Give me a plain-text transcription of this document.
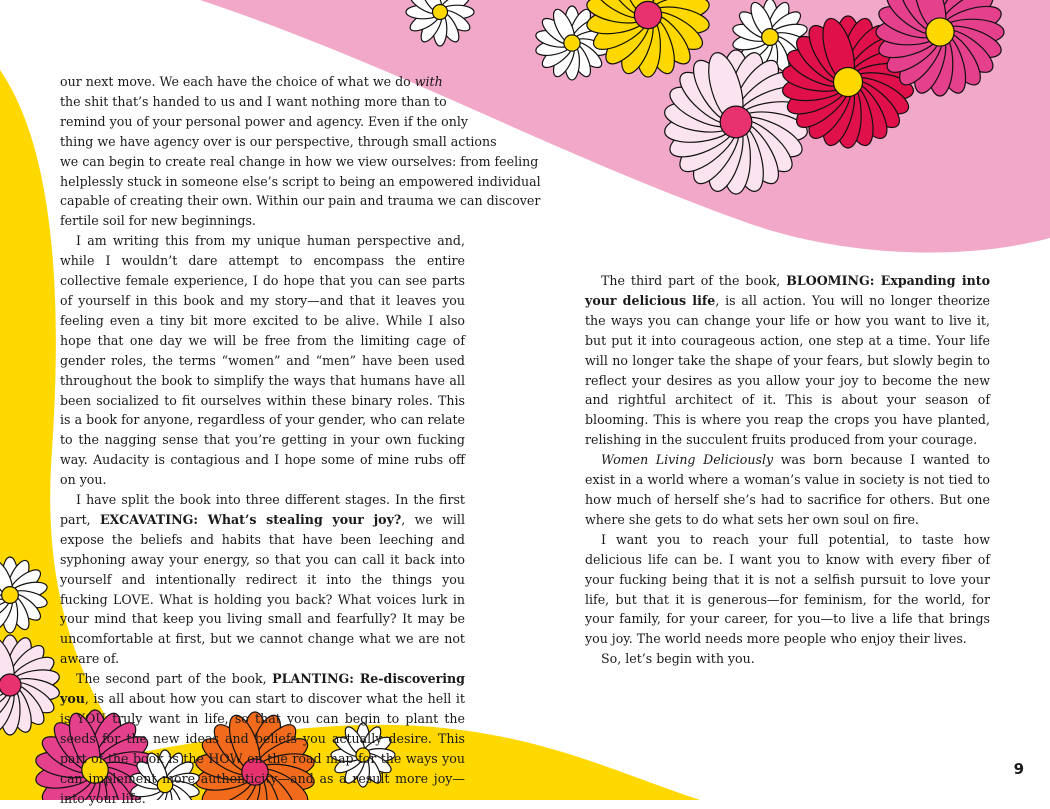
our next move. We each have the choice of what we do with
the shit that’s handed to us and I want nothing more than to
remind you of your personal power and agency. Even if the only
thing we have agency over is our perspective, through small actions
we can begin to create real change in how we view ourselves: from feeling
helplessly stuck in someone else’s script to being an empowered individual
capable of creating their own. Within our pain and trauma we can discover
fertile soil for new beginnings.

I am writing this from my unique human perspective and, while I wouldn’t dare attempt to encompass the entire collective female experience, I do hope that you can see parts of yourself in this book and my story—and that it leaves you feeling even a tiny bit more excited to be alive. While I also hope that one day we will be free from the limiting cage of gender roles, the terms “women” and “men” have been used throughout the book to simplify the ways that humans have all been socialized to fit ourselves within these binary roles. This is a book for anyone, regardless of your gender, who can relate to the nagging sense that you’re getting in your own fucking way. Audacity is contagious and I hope some of mine rubs off on you.

I have split the book into three different stages. In the first part, EXCAVATING: What’s stealing your joy?, we will expose the beliefs and habits that have been leeching and syphoning away your energy, so that you can call it back into yourself and intentionally redirect it into the things you fucking LOVE. What is holding you back? What voices lurk in your mind that keep you living small and fearfully? It may be uncomfortable at first, but we cannot change what we are not aware of.

The second part of the book, PLANTING: Re-discovering you, is all about how you can start to discover what the hell it is YOU truly want in life, so that you can begin to plant the seeds for the new ideas and beliefs you actually desire. This part of the book is the HOW on the road map for the ways you can implement more authenticity—and as a result more joy—into your life.

The third part of the book, BLOOMING: Expanding into your delicious life, is all action. You will no longer theorize the ways you can change your life or how you want to live it, but put it into courageous action, one step at a time. Your life will no longer take the shape of your fears, but slowly begin to reflect your desires as you allow your joy to become the new and rightful architect of it. This is about your season of blooming. This is where you reap the crops you have planted, relishing in the succulent fruits produced from your courage.

Women Living Deliciously was born because I wanted to exist in a world where a woman’s value in society is not tied to how much of herself she’s had to sacrifice for others. But one where she gets to do what sets her own soul on fire.

I want you to reach your full potential, to taste how delicious life can be. I want you to know with every fiber of your fucking being that it is not a selfish pursuit to love your life, but that it is generous—for feminism, for the world, for your family, for your career, for you—to live a life that brings you joy. The world needs more people who enjoy their lives.

So, let’s begin with you.

9
